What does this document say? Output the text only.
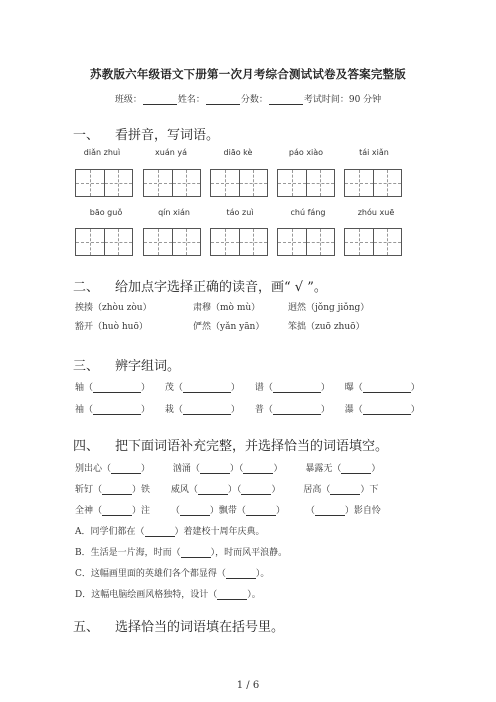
苏教版六年级语文下册第一次月考综合测试试卷及答案完整版
班级：	姓名：	分数：	考试时间：90 分钟
一、 看拼音，写词语。
diǎn zhuì	xuán yá	diāo kè	páo xiào	tái xiǎn
bāo guǒ	qín xián	táo zuì	chú fáng	zhóu xuē
二、 给加点字选择正确的读音，画“ √ ”。
挨揍（zhòu zòu）	肃穆（mò mù）	迥然（jǒng jiǒng）
豁开（huò huō）	俨然（yǎn yān）	笨拙（zuō zhuō）
三、 辨字组词。
轴（	） 茂（	） 谱（	） 曝（	）
袖（	） 栽（	） 普（	） 瀑（	）
四、 把下面词语补充完整，并选择恰当的词语填空。
别出心（	）	汹涌（	）（	）	暴露无（	）
斩钉（	）铁 威风（	）（	）	居高（	）下
全神（	）注 （	）飘带（	） （	）影自怜
A．同学们都在（	）着建校十周年庆典。
B．生活是一片海，时而（	），时而风平浪静。
C．这幅画里面的英雄们各个都显得（	）。
D．这幅电脑绘画风格独特，设计（	）。
五、 选择恰当的词语填在括号里。
1 / 6
